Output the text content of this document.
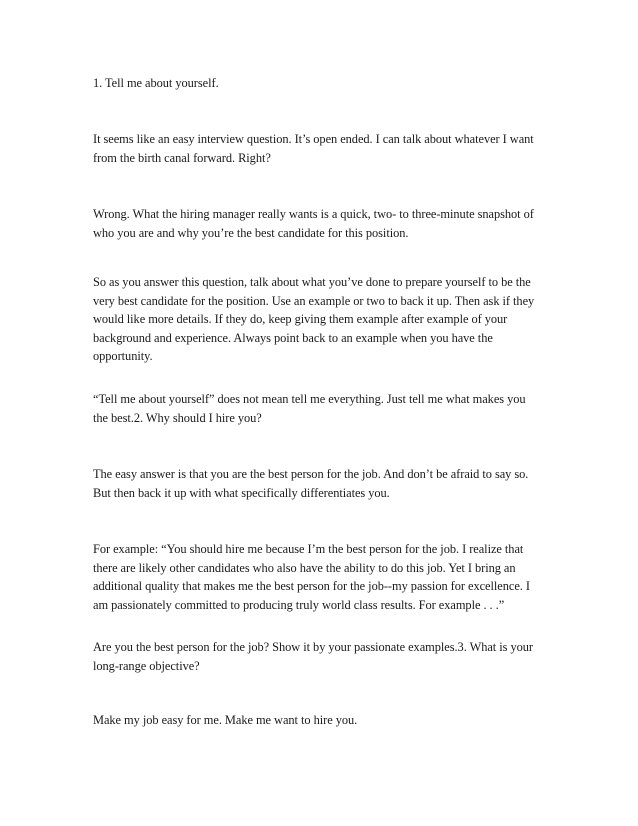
1. Tell me about yourself.

It seems like an easy interview question. It’s open ended. I can talk about whatever I want
from the birth canal forward. Right?

Wrong. What the hiring manager really wants is a quick, two- to three-minute snapshot of
who you are and why you’re the best candidate for this position.

So as you answer this question, talk about what you’ve done to prepare yourself to be the
very best candidate for the position. Use an example or two to back it up. Then ask if they
would like more details. If they do, keep giving them example after example of your
background and experience. Always point back to an example when you have the
opportunity.

“Tell me about yourself” does not mean tell me everything. Just tell me what makes you
the best.2. Why should I hire you?

The easy answer is that you are the best person for the job. And don’t be afraid to say so.
But then back it up with what specifically differentiates you.

For example: “You should hire me because I’m the best person for the job. I realize that
there are likely other candidates who also have the ability to do this job. Yet I bring an
additional quality that makes me the best person for the job--my passion for excellence. I
am passionately committed to producing truly world class results. For example . . .”

Are you the best person for the job? Show it by your passionate examples.3. What is your
long-range objective?

Make my job easy for me. Make me want to hire you.
